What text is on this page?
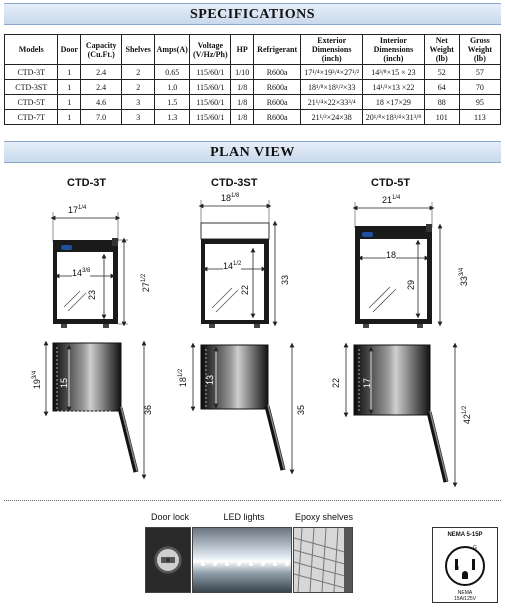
SPECIFICATIONS
Models	Door	Capacity (Cu.Ft.)	Shelves	Amps(A)	Voltage (V/Hz/Ph)	HP	Refrigerant	Exterior Dimensions (inch)	Interior Dimensions (inch)	Net Weight (lb)	Gross Weight (lb)
CTD-3T	1	2.4	2	0.65	115/60/1	1/10	R600a	17¹/⁴×19³/⁴×27¹/²	14³/⁸×15 × 23	52	57
CTD-3ST	1	2.4	2	1.0	115/60/1	1/8	R600a	18¹/⁸×18¹/²×33	14¹/²×13 ×22	64	70
CTD-5T	1	4.6	3	1.5	115/60/1	1/8	R600a	21¹/⁴×22×33³/⁴	18 ×17×29	88	95
CTD-7T	1	7.0	3	1.3	115/60/1	1/8	R600a	21¹/²×24×38	20¹/⁸×18³/⁴×31³/⁸	101	113
PLAN VIEW
CTD-3T	CTD-3ST	CTD-5T
$17^{1/4}$
$14^{3/8}$
23
$27^{1/2}$
$19^{3/4}$
15
36
$18^{1/8}$
$14^{1/2}$
22
33
$18^{1/2}$
13
35
$21^{1/4}$
18
29	$33^{3/4}$
22 17
$42^{1/2}$
Door lock	LED lights	Epoxy shelves
NEMA 5-15P
G
W
NEMA
15A/125V
